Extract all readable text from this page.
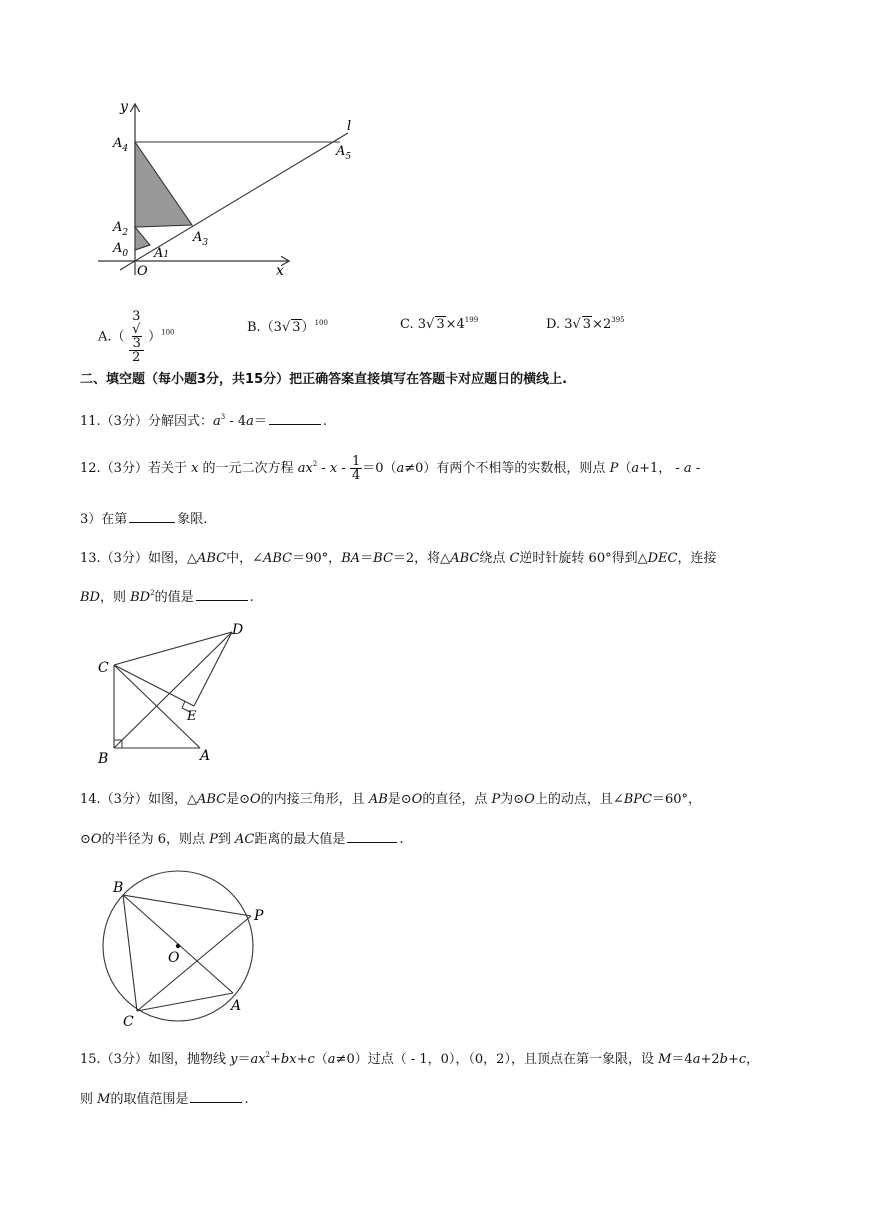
y
x
O
l
$A_4$	$A_5$
$A_2$	$A_3$
$A_0$ A1
A.（ 3
√
3
2 ）$^{100}$	B.（3√ 3）$^{100}$	C. 3√ $3\times 4^{199}$	D. 3√ $3\times 2^{395}$
二、填空题（每小题3分，共15分）把正确答案直接填写在答题卡对应题日的横线上.
11.（3分）分解因式：$a^3 - 4a=$	.
12.（3分）若关于 x 的一元二次方程 $ax^2 - x - \frac{1}{4} =0(a\ne 0)$有两个不相等的实数根，则点 P（a+1， - a -
3）在第	象限.
13.（3分）如图，△ABC中，∠ABC＝90°，BA＝BC＝2，将△ABC绕点 C逆时针旋转 60°得到△DEC，连接
BD，则 $BD^2$的值是	.
C
D
E
B	A
14.（3分）如图，△ABC是⊙O的内接三角形，且 AB是⊙O的直径，点 P为⊙O上的动点，且∠BPC＝60°，
⊙O的半径为 6，则点 P到 AC距离的最大值是	.
B
P
O
C
A
15.（3分）如图，抛物线 $y=ax^2+bx+c(a\ne 0)$过点（ - 1，0），（0，2），且顶点在第一象限，设 M＝4a+2b+c，
则 M的取值范围是	.
